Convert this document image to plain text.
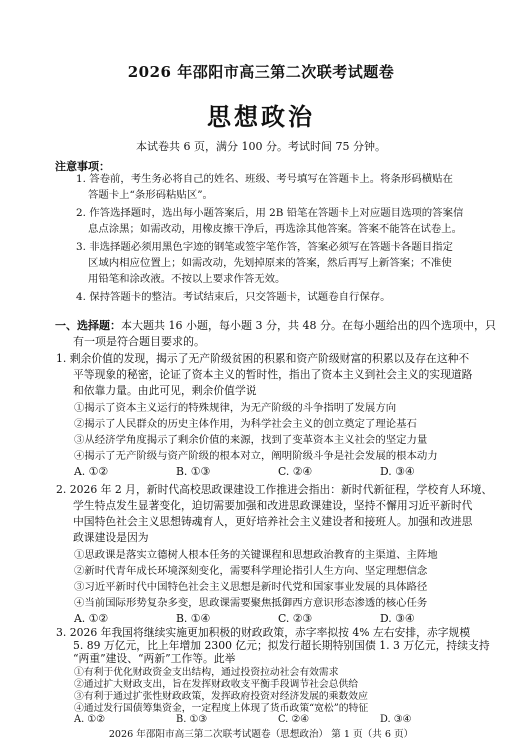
2026 年邵阳市高三第二次联考试题卷
思想政治
本试卷共 6 页，满分 100 分。考试时间 75 分钟。
注意事项：
1. 答卷前，考生务必将自己的姓名、班级、考号填写在答题卡上。将条形码横贴在
答题卡上“条形码粘贴区”。
2. 作答选择题时，选出每小题答案后，用 2B 铅笔在答题卡上对应题目选项的答案信
息点涂黑；如需改动，用橡皮擦干净后，再选涂其他答案。答案不能答在试卷上。
3. 非选择题必须用黑色字迹的钢笔或签字笔作答，答案必须写在答题卡各题目指定
区域内相应位置上；如需改动，先划掉原来的答案，然后再写上新答案；不准使
用铅笔和涂改液。不按以上要求作答无效。
4. 保持答题卡的整洁。考试结束后，只交答题卡，试题卷自行保存。
一、选择题：本大题共 16 小题，每小题 3 分，共 48 分。在每小题给出的四个选项中，只
有一项是符合题目要求的。
1. 剩余价值的发现，揭示了无产阶级贫困的积累和资产阶级财富的积累以及存在这种不
平等现象的秘密，论证了资本主义的暂时性，指出了资本主义到社会主义的实现道路
和依靠力量。由此可见，剩余价值学说
①揭示了资本主义运行的特殊规律，为无产阶级的斗争指明了发展方向
②揭示了人民群众的历史主体作用，为科学社会主义的创立奠定了理论基石
③从经济学角度揭示了剩余价值的来源，找到了变革资本主义社会的坚定力量
④揭示了无产阶级与资产阶级的根本对立，阐明阶级斗争是社会发展的根本动力
A. ①②	B. ①③	C. ②④	D. ③④
2. 2026 年 2 月，新时代高校思政课建设工作推进会指出：新时代新征程，学校育人环境、
学生特点发生显著变化，迫切需要加强和改进思政课建设，坚持不懈用习近平新时代
中国特色社会主义思想铸魂育人，更好培养社会主义建设者和接班人。加强和改进思
政课建设是因为
①思政课是落实立德树人根本任务的关键课程和思想政治教育的主渠道、主阵地
②新时代青年成长环境深刻变化，需要科学理论指引人生方向、坚定理想信念
③习近平新时代中国特色社会主义思想是新时代党和国家事业发展的具体路径
④当前国际形势复杂多变，思政课需要聚焦抵御西方意识形态渗透的核心任务
A. ①②	B. ①④	C. ②③	D. ③④
3. 2026 年我国将继续实施更加积极的财政政策，赤字率拟按 4% 左右安排，赤字规模
5. 89 万亿元，比上年增加 2300 亿元；拟发行超长期特别国债 1. 3 万亿元，持续支持
“两重”建设、“两新”工作等。此举
2026 年邵阳市高三第二次联考试题卷（思想政治） 第 1 页（共 6 页）
①有利于优化财政资金支出结构，通过投资拉动社会有效需求
②通过扩大财政支出，旨在发挥财政收支平衡手段调节社会总供给
③有利于通过扩张性财政政策，发挥政府投资对经济发展的乘数效应
④通过发行国债筹集资金，一定程度上体现了货币政策“宽松”的特征
A. ①②	B. ①③	C. ②④	D. ③④
